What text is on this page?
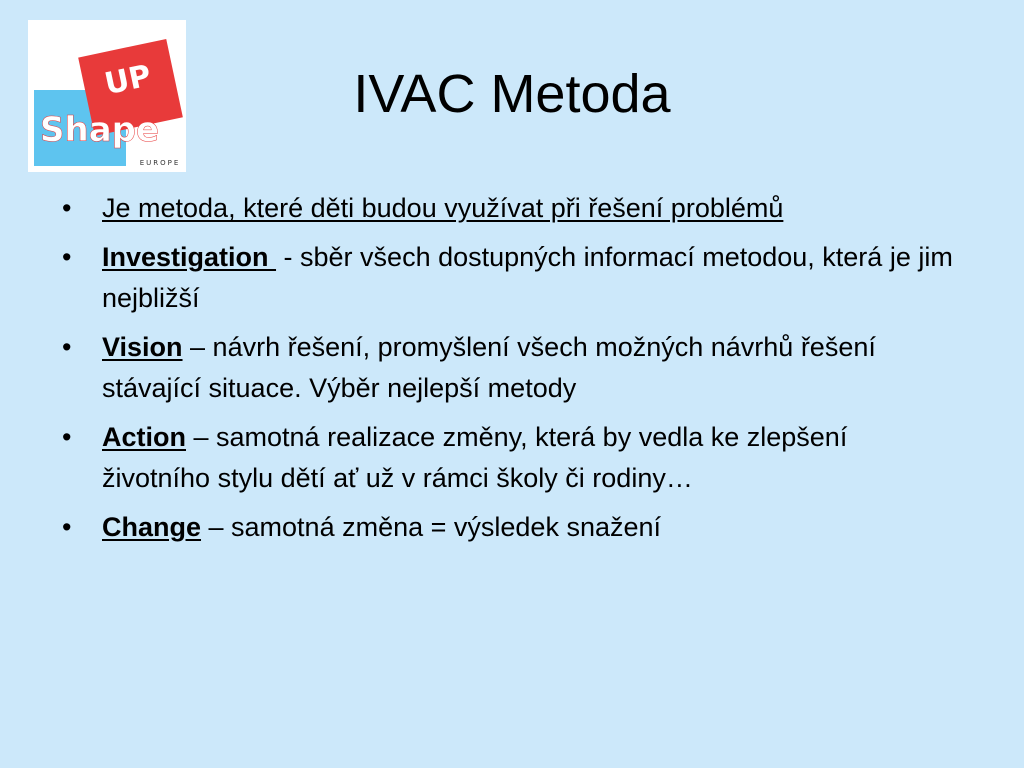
UP
Shape
EUROPE
IVAC Metoda
• Je metoda, které děti budou využívat při řešení problémů
• Investigation  - sběr všech dostupných informací metodou, která je jim nejbližší
• Vision – návrh řešení, promyšlení všech možných návrhů řešení stávající situace. Výběr nejlepší metody
• Action – samotná realizace změny, která by vedla ke zlepšení životního stylu dětí ať už v rámci školy či rodiny…
• Change – samotná změna = výsledek snažení
